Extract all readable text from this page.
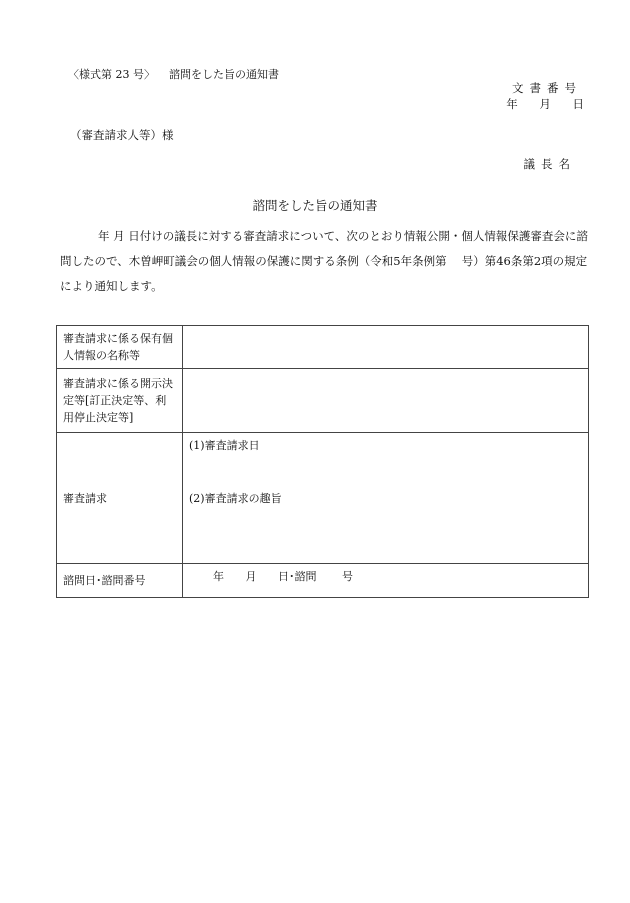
〈様式第 23 号〉 諮問をした旨の通知書
文書番号
年 月 日
（審査請求人等）様
議長名
諮問をした旨の通知書
年 月 日付けの議長に対する審査請求について、次のとおり情報公開・個人情報保護審査会に諮問したので、木曽岬町議会の個人情報の保護に関する条例（令和5年条例第　 号）第46条第2項の規定により通知します。
審査請求に係る保有個人情報の名称等	
審査請求に係る開示決定等[訂正決定等、利用停止決定等]	
審査請求	(1)審査請求日
(2)審査請求の趣旨

諮問日･諮問番号	年 月 日･諮問 号
